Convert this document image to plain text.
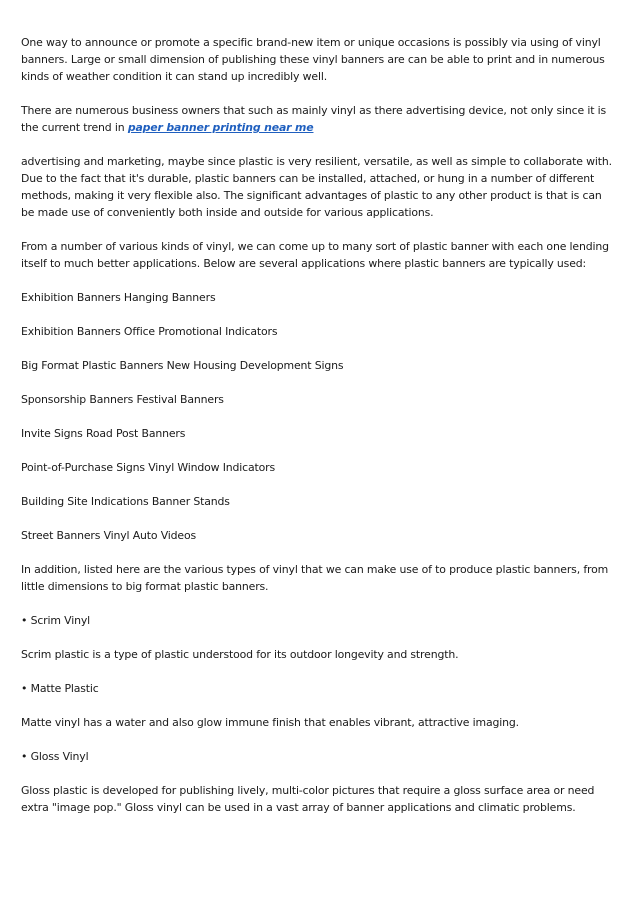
One way to announce or promote a specific brand-new item or unique occasions is possibly via using of vinyl banners. Large or small dimension of publishing these vinyl banners are can be able to print and in numerous kinds of weather condition it can stand up incredibly well.

There are numerous business owners that such as mainly vinyl as there advertising device, not only since it is the current trend in paper banner printing near me

advertising and marketing, maybe since plastic is very resilient, versatile, as well as simple to collaborate with. Due to the fact that it's durable, plastic banners can be installed, attached, or hung in a number of different methods, making it very flexible also. The significant advantages of plastic to any other product is that is can be made use of conveniently both inside and outside for various applications.

From a number of various kinds of vinyl, we can come up to many sort of plastic banner with each one lending itself to much better applications. Below are several applications where plastic banners are typically used:

Exhibition Banners Hanging Banners

Exhibition Banners Office Promotional Indicators

Big Format Plastic Banners New Housing Development Signs

Sponsorship Banners Festival Banners

Invite Signs Road Post Banners

Point-of-Purchase Signs Vinyl Window Indicators

Building Site Indications Banner Stands

Street Banners Vinyl Auto Videos

In addition, listed here are the various types of vinyl that we can make use of to produce plastic banners, from little dimensions to big format plastic banners.

• Scrim Vinyl

Scrim plastic is a type of plastic understood for its outdoor longevity and strength.

• Matte Plastic

Matte vinyl has a water and also glow immune finish that enables vibrant, attractive imaging.

• Gloss Vinyl

Gloss plastic is developed for publishing lively, multi-color pictures that require a gloss surface area or need extra "image pop." Gloss vinyl can be used in a vast array of banner applications and climatic problems.
